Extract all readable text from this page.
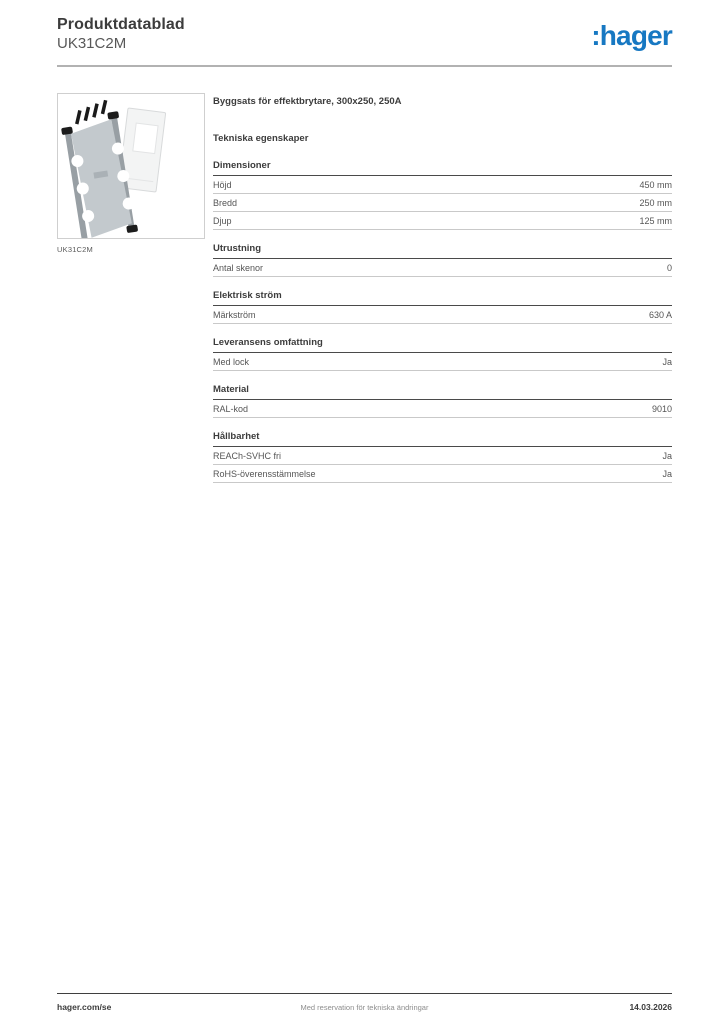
Produktdatablad
UK31C2M	:hager
UK31C2M
Byggsats för effektbrytare, 300x250, 250A
Tekniska egenskaper
Dimensioner
Höjd	450 mm
Bredd	250 mm
Djup	125 mm
Utrustning
Antal skenor	0
Elektrisk ström
Märkström	630 A
Leveransens omfattning
Med lock	Ja
Material
RAL-kod	9010
Hållbarhet
REACh-SVHC fri	Ja
RoHS-överensstämmelse	Ja
hager.com/se	Med reservation för tekniska ändringar	14.03.2026
